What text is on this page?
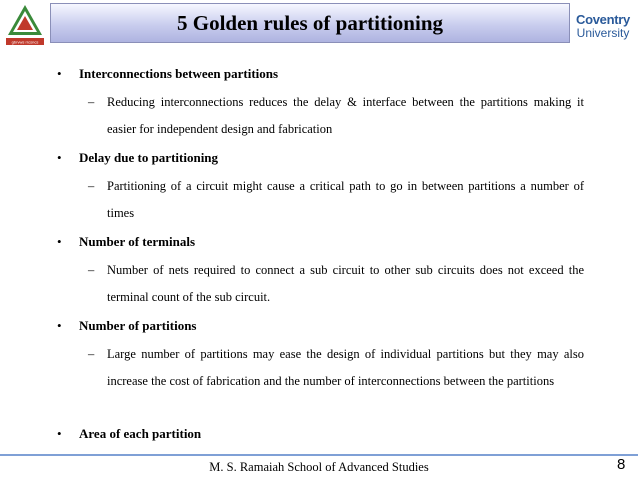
gbrvws rrcsncs
5 Golden rules of partitioning	Coventry
University
• Interconnections between partitions
– Reducing interconnections reduces the delay & interface between the partitions making it easier for independent design and fabrication
• Delay due to partitioning
– Partitioning of a circuit might cause a critical path to go in between partitions a number of times
• Number of terminals
– Number of nets required to connect a sub circuit to other sub circuits does not exceed the terminal count of the sub circuit.
• Number of partitions
– Large number of partitions may ease the design of individual partitions but they may also increase the cost of fabrication and the number of interconnections between the partitions
• Area of each partition
M. S. Ramaiah School of Advanced Studies	8
